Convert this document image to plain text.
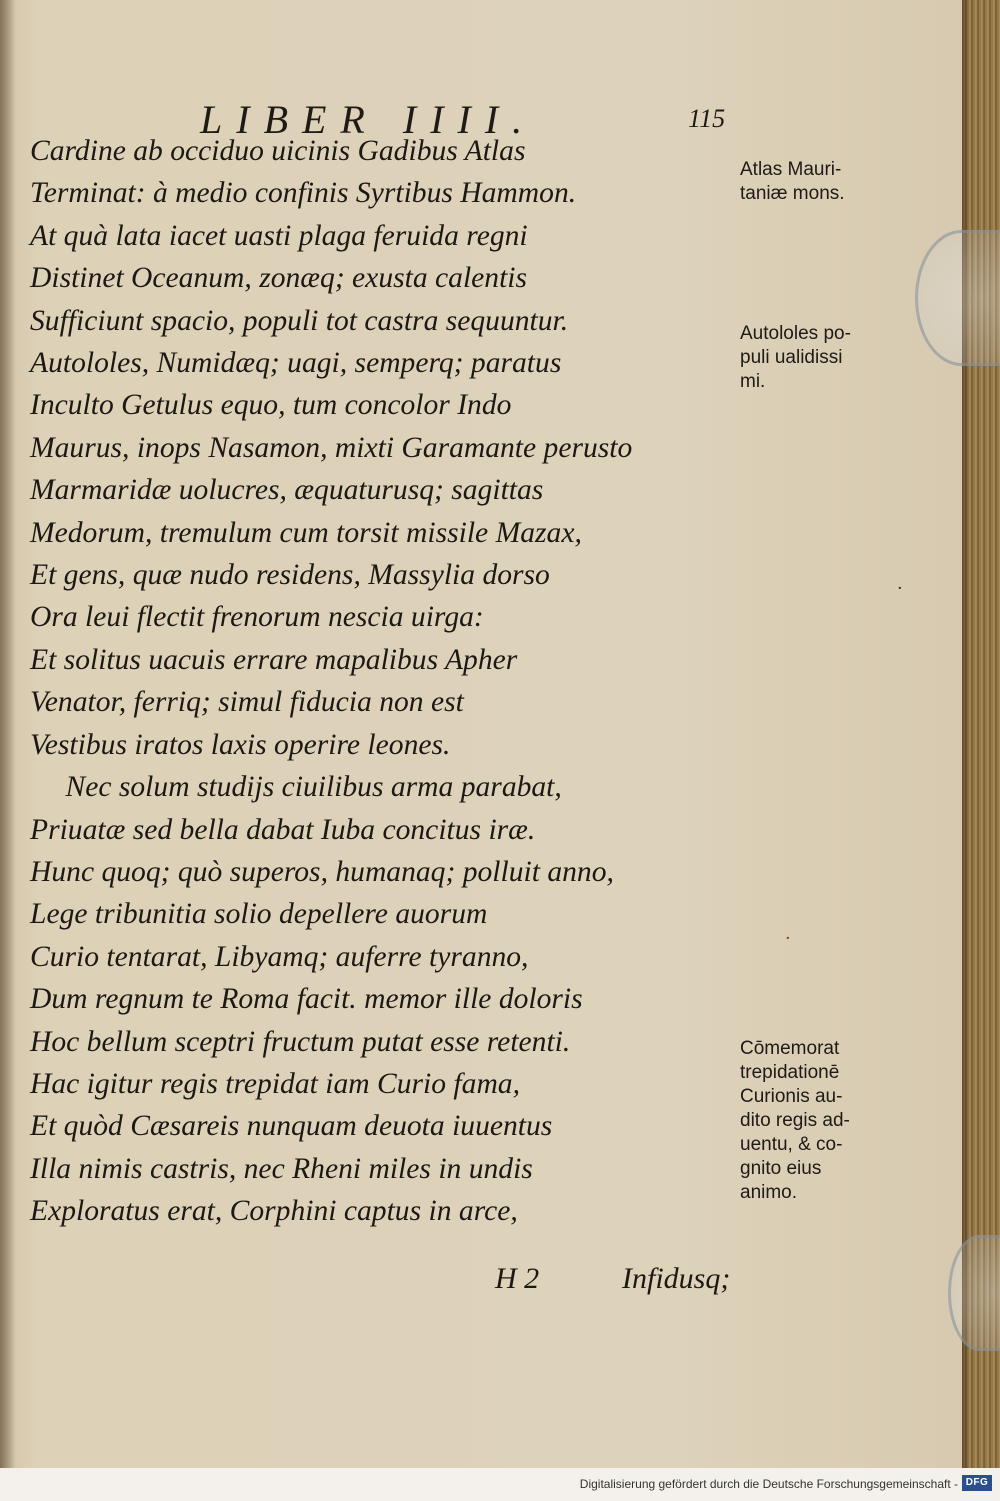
LIBER IIII.	115
Cardine ab occiduo uicinis Gadibus Atlas
Terminat: à medio confinis Syrtibus Hammon.
At quà lata iacet uasti plaga feruida regni
Distinet Oceanum, zonæq; exusta calentis
Sufficiunt spacio, populi tot castra sequuntur.
Autololes, Numidæq; uagi, semperq; paratus
Inculto Getulus equo, tum concolor Indo
Maurus, inops Nasamon, mixti Garamante perusto
Marmaridæ uolucres, æquaturusq; sagittas
Medorum, tremulum cum torsit missile Mazax,
Et gens, quæ nudo residens, Massylia dorso
Ora leui flectit frenorum nescia uirga:
Et solitus uacuis errare mapalibus Apher
Venator, ferriq; simul fiducia non est
Vestibus iratos laxis operire leones.
Nec solum studijs ciuilibus arma parabat,
Priuatæ sed bella dabat Iuba concitus iræ.
Hunc quoq; quò superos, humanaq; polluit anno,
Lege tribunitia solio depellere auorum
Curio tentarat, Libyamq; auferre tyranno,
Dum regnum te Roma facit. memor ille doloris
Hoc bellum sceptri fructum putat esse retenti.
Hac igitur regis trepidat iam Curio fama,
Et quòd Cæsareis nunquam deuota iuuentus
Illa nimis castris, nec Rheni miles in undis
Exploratus erat, Corphini captus in arce,
Atlas Mauri-
taniæ mons.
Autololes po-
puli ualidissi
mi.
Cōmemorat
trepidationē
Curionis au-
dito regis ad-
uentu, & co-
gnito eius
animo.
H 2	Infidusq;
·
·
Digitalisierung gefördert durch die Deutsche Forschungsgemeinschaft - DFG
